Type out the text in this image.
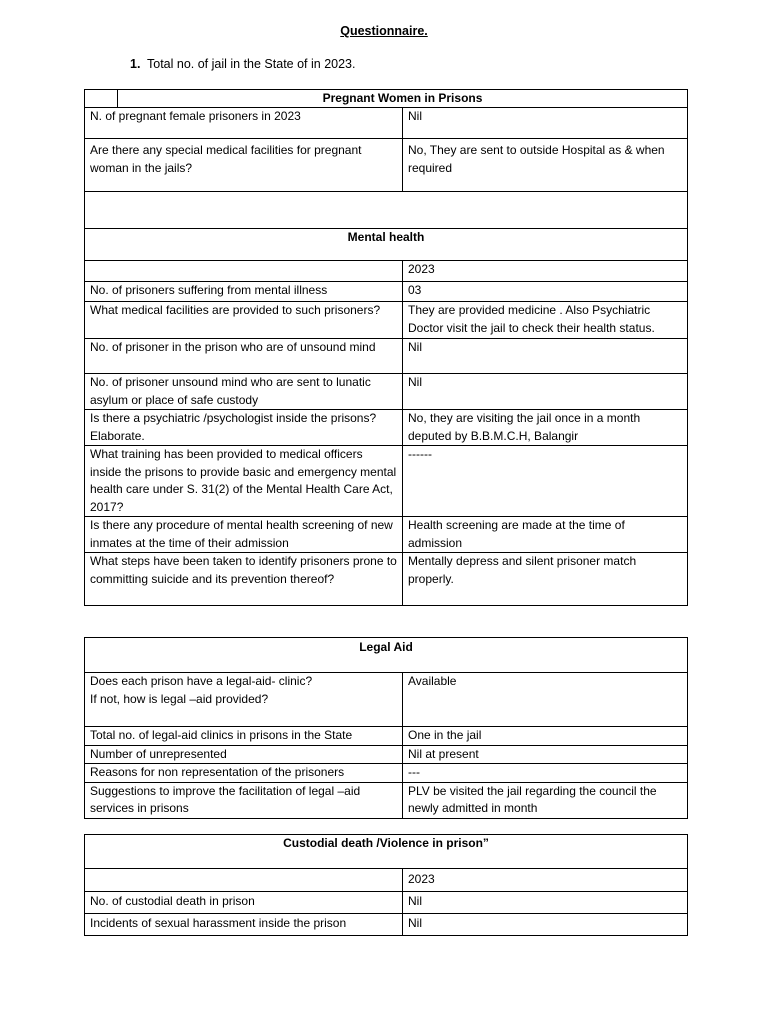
Questionnaire.
1. Total no. of jail in the State of in 2023.
Pregnant Women in Prisons	

N. of pregnant female prisoners in 2023	Nil
Are there any special medical facilities for pregnant woman in the jails?	No, They are sent to outside Hospital as & when required

Mental health	
	2023
No. of prisoners suffering from mental illness	03
What medical facilities are provided to such prisoners?	They are provided medicine . Also Psychiatric Doctor visit the jail to check their health status.
No. of prisoner in the prison who are of unsound mind	Nil
No. of prisoner unsound mind who are sent to lunatic asylum or place of safe custody	Nil
Is there a psychiatric /psychologist inside the prisons? Elaborate.	No, they are visiting the jail once in a month deputed by B.B.M.C.H, Balangir
What training has been provided to medical officers inside the prisons to provide basic and emergency mental health care under S. 31(2) of the Mental Health Care Act, 2017?	------
Is there any procedure of mental health screening of new inmates at the time of their admission	Health screening are made at the time of admission
What steps have been taken to identify prisoners prone to committing suicide and its prevention thereof?	Mentally depress and silent prisoner match properly.
Legal Aid	

Does each prison have a legal-aid- clinic?
If not, how is legal –aid provided?	Available
Total no. of legal-aid clinics in prisons in the State	One in the jail
Number of unrepresented	Nil at present
Reasons for non representation of the prisoners	---
Suggestions to improve the facilitation of legal –aid services in prisons	PLV be visited the jail regarding the council the newly admitted in month
Custodial death /Violence in prison”	
	2023
No. of custodial death in prison	Nil
Incidents of sexual harassment inside the prison	Nil
